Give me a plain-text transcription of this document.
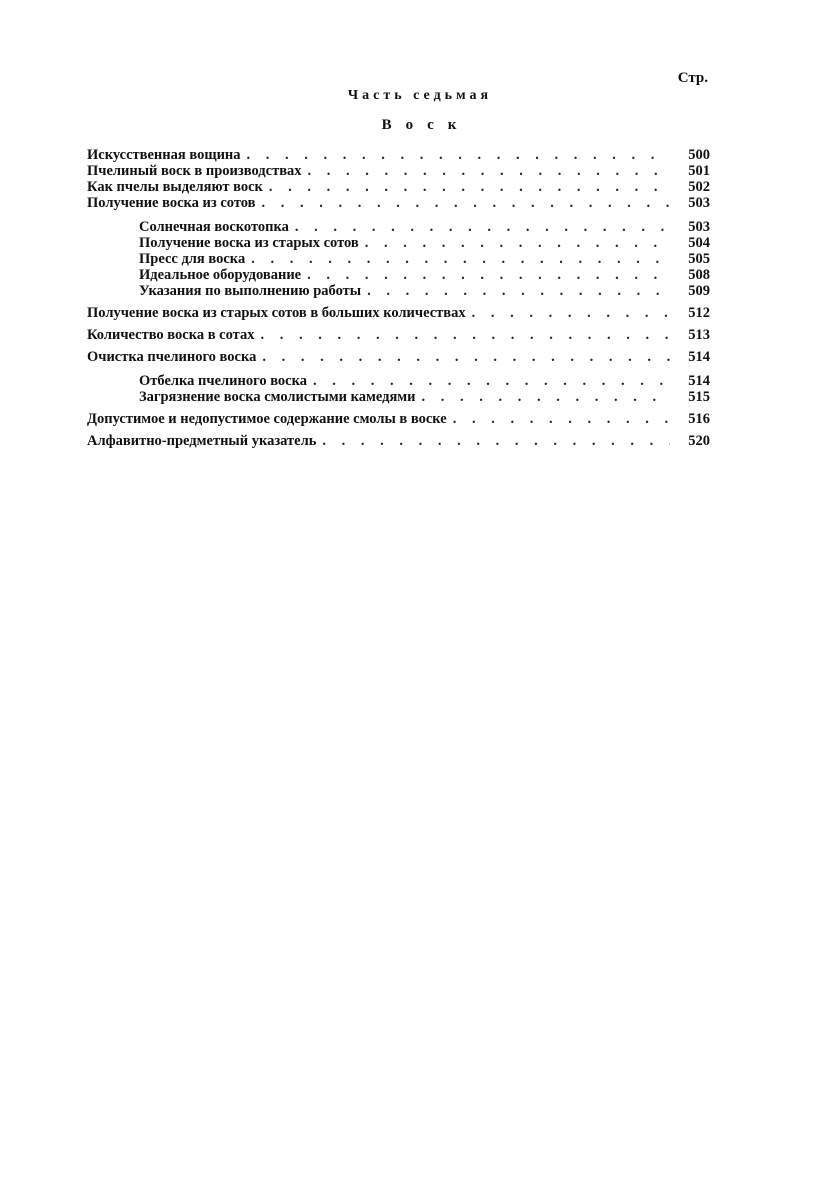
Стр.
Часть седьмая
Воск
Искусственная вощина . . .	500
Пчелиный воск в производствах . . .	501
Как пчелы выделяют воск . . .	502
Получение воска из сотов . . .	503
Солнечная воскотопка . . .	503
Получение воска из старых сотов . . .	504
Пресс для воска . . .	505
Идеальное оборудование . . .	508
Указания по выполнению работы . . .	509
Получение воска из старых сотов в больших количествах . . .	512
Количество воска в сотах . . .	513
Очистка пчелиного воска . . .	514
Отбелка пчелиного воска . . .	514
Загрязнение воска смолистыми камедями . . .	515
Допустимое и недопустимое содержание смолы в воске . . .	516
Алфавитно-предметный указатель . . .	520
